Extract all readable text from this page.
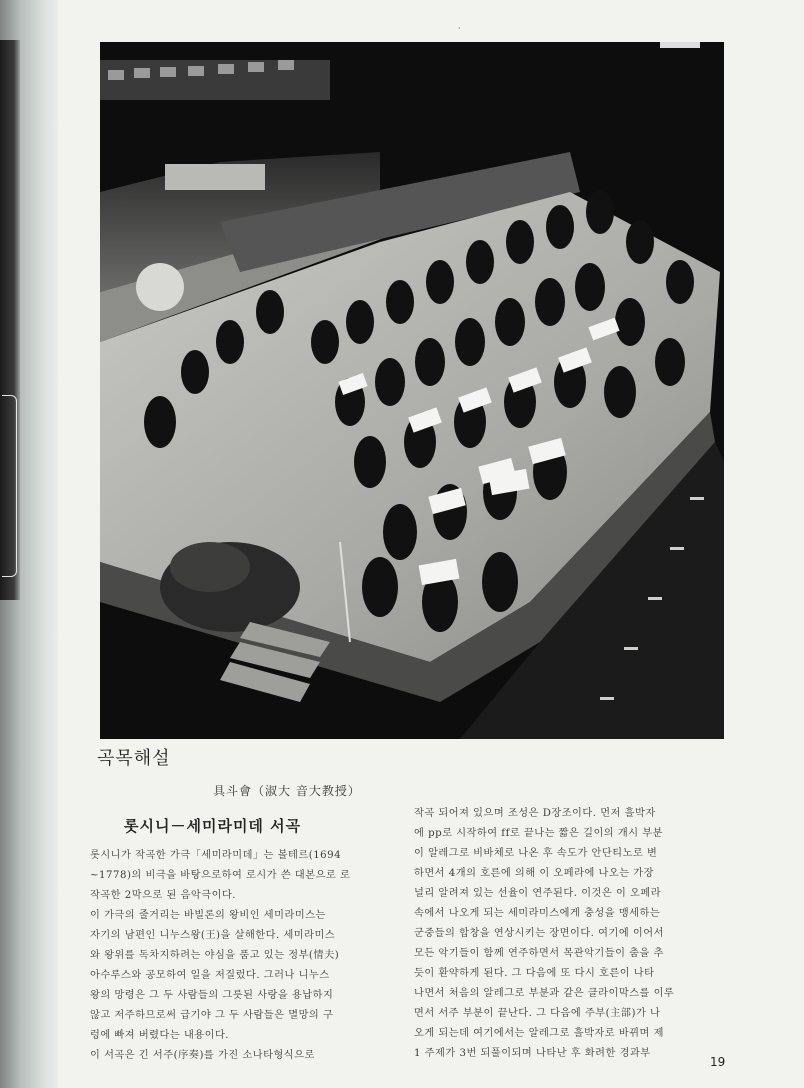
·
곡목해설
具斗會（淑大 音大教授）
롯시니－세미라미데 서곡

롯시니가 작곡한 가극「세미라미데」는 볼테르(1694

~1778)의 비극을 바탕으로하여 로시가 쓴 대본으로 로

작곡한 2막으로 된 음악극이다.

이 가극의 줄거리는 바빌론의 왕비인 세미라미스는

자기의 남편인 니누스왕(王)을 살해한다. 세미라미스

와 왕위를 독차지하려는 야심을 품고 있는 정부(情夫)

아수루스와 공모하여 일을 저질렀다. 그러나 니누스

왕의 망령은 그 두 사람들의 그릇된 사랑을 용납하지

않고 저주하므로써 급기야 그 두 사람들은 멸망의 구

렁에 빠져 버렸다는 내용이다.

이 서곡은 긴 서주(序奏)를 가진 소나타형식으로

작곡 되어져 있으며 조성은 D장조이다. 먼저 흘박자

에 pp로 시작하여 ff로 끝나는 짧은 길이의 개시 부분

이 알레그로 비바체로 나온 후 속도가 안단티노로 변

하면서 4개의 호른에 의해 이 오페라에 나오는 가장

널리 알려져 있는 선율이 연주된다. 이것은 이 오페라

속에서 나오게 되는 세미라미스에게 충성을 맹세하는

군중들의 합창을 연상시키는 장면이다. 여기에 이어서

모든 악기들이 함께 연주하면서 목관악기들이 춤을 추

듯이 환약하게 된다. 그 다음에 또 다시 호른이 나타

나면서 처음의 알레그로 부분과 같은 클라이막스를 이루

면서 서주 부분이 끝난다. 그 다음에 주부(主部)가 나

오게 되는데 여기에서는 알레그로 흘박자로 바뀌며 제

1 주제가 3번 되풀이되며 나타난 후 화려한 경과부

19
